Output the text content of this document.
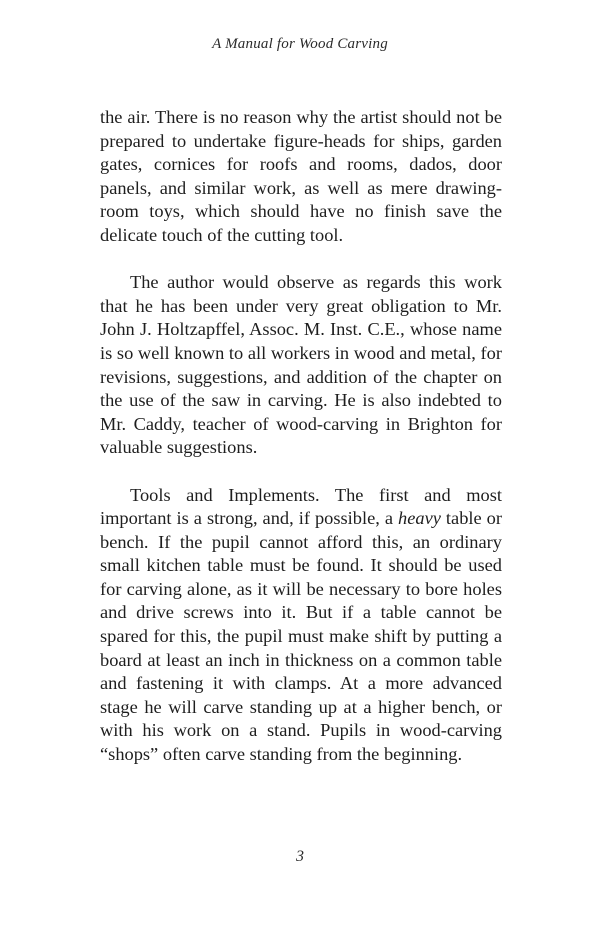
A Manual for Wood Carving

the air. There is no reason why the artist should not be prepared to undertake figure-heads for ships, garden gates, cornices for roofs and rooms, dados, door panels, and similar work, as well as mere drawing-room toys, which should have no finish save the delicate touch of the cutting tool.

The author would observe as regards this work that he has been under very great obligation to Mr. John J. Holtzapffel, Assoc. M. Inst. C.E., whose name is so well known to all workers in wood and metal, for revisions, suggestions, and addition of the chapter on the use of the saw in carving. He is also indebted to Mr. Caddy, teacher of wood-carving in Brighton for valuable suggestions.

Tools and Implements. The first and most important is a strong, and, if possible, a heavy table or bench. If the pupil cannot afford this, an ordinary small kitchen table must be found. It should be used for carving alone, as it will be necessary to bore holes and drive screws into it. But if a table cannot be spared for this, the pupil must make shift by putting a board at least an inch in thickness on a common table and fastening it with clamps. At a more advanced stage he will carve standing up at a higher bench, or with his work on a stand. Pupils in wood-carving “shops” often carve standing from the beginning.

3
